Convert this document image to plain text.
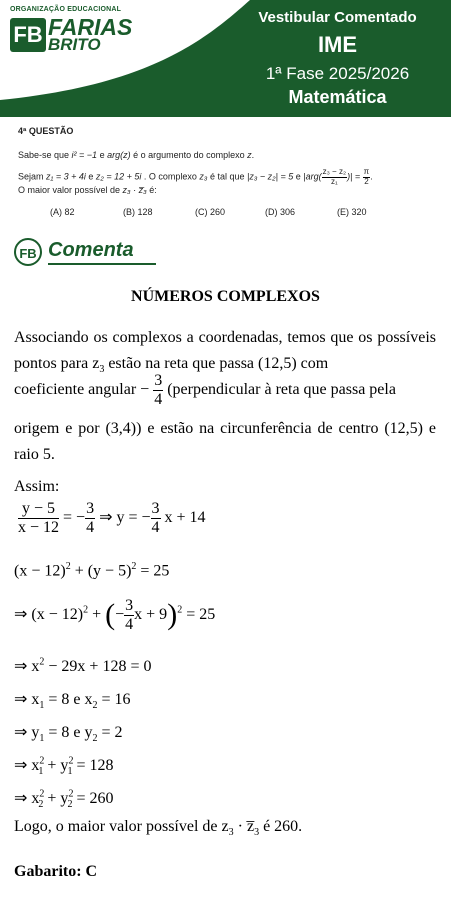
ORGANIZAÇÃO EDUCACIONAL
FB FARIAS
BRITO
Vestibular Comentado
IME
1ª Fase 2025/2026
Matemática
4ª QUESTÃO
Sabe-se que i² = −1 e arg(z) é o argumento do complexo z.
Sejam z₁ = 3 + 4i e z₂ = 12 + 5i . O complexo z₃ é tal que |z₃ − z₂| = 5 e $|arg( \frac{\text{z₃ − z₂}}{\text{z₁}}$ )| = $\frac{\pi}{2}$ .
O maior valor possível de z₃ · z̅₃ é:
(A) 82	(B) 128	(C) 260	(D) 306	(E) 320
FB Comenta
NÚMEROS COMPLEXOS
Associando os complexos a coordenadas, temos que os possíveis pontos para $z_3$ estão na reta que passa (12,5) com
coeficiente angular − $\frac{3}{4}$ (perpendicular à reta que passa pela
origem e por (3,4)) e estão na circunferência de centro (12,5) e raio 5.
Assim:
$\frac{y - 5}{x - 12}$ = − $\frac{3}{4}$ ⇒ y = − $\frac{3}{4}$ x + 14
$(x - 12)^2 + (y - 5)^2 = 25$
⇒ $(x - 12)^2$ + (− $\frac{3}{4}$ x + 9)$^2$ = 25
⇒ $x^2 - 29x + 128 = 0$
⇒ $x_1 = 8$ e $x_2 = 16$
⇒ $y_1 = 8$ e $y_2 = 2$
⇒ $x^2_1 + y^2_1 = 128$
⇒ $x^2_2 + y^2_2 = 260$
Logo, o maior valor possível de $z_3$ · $z̅_3$ é 260.
Gabarito: C
